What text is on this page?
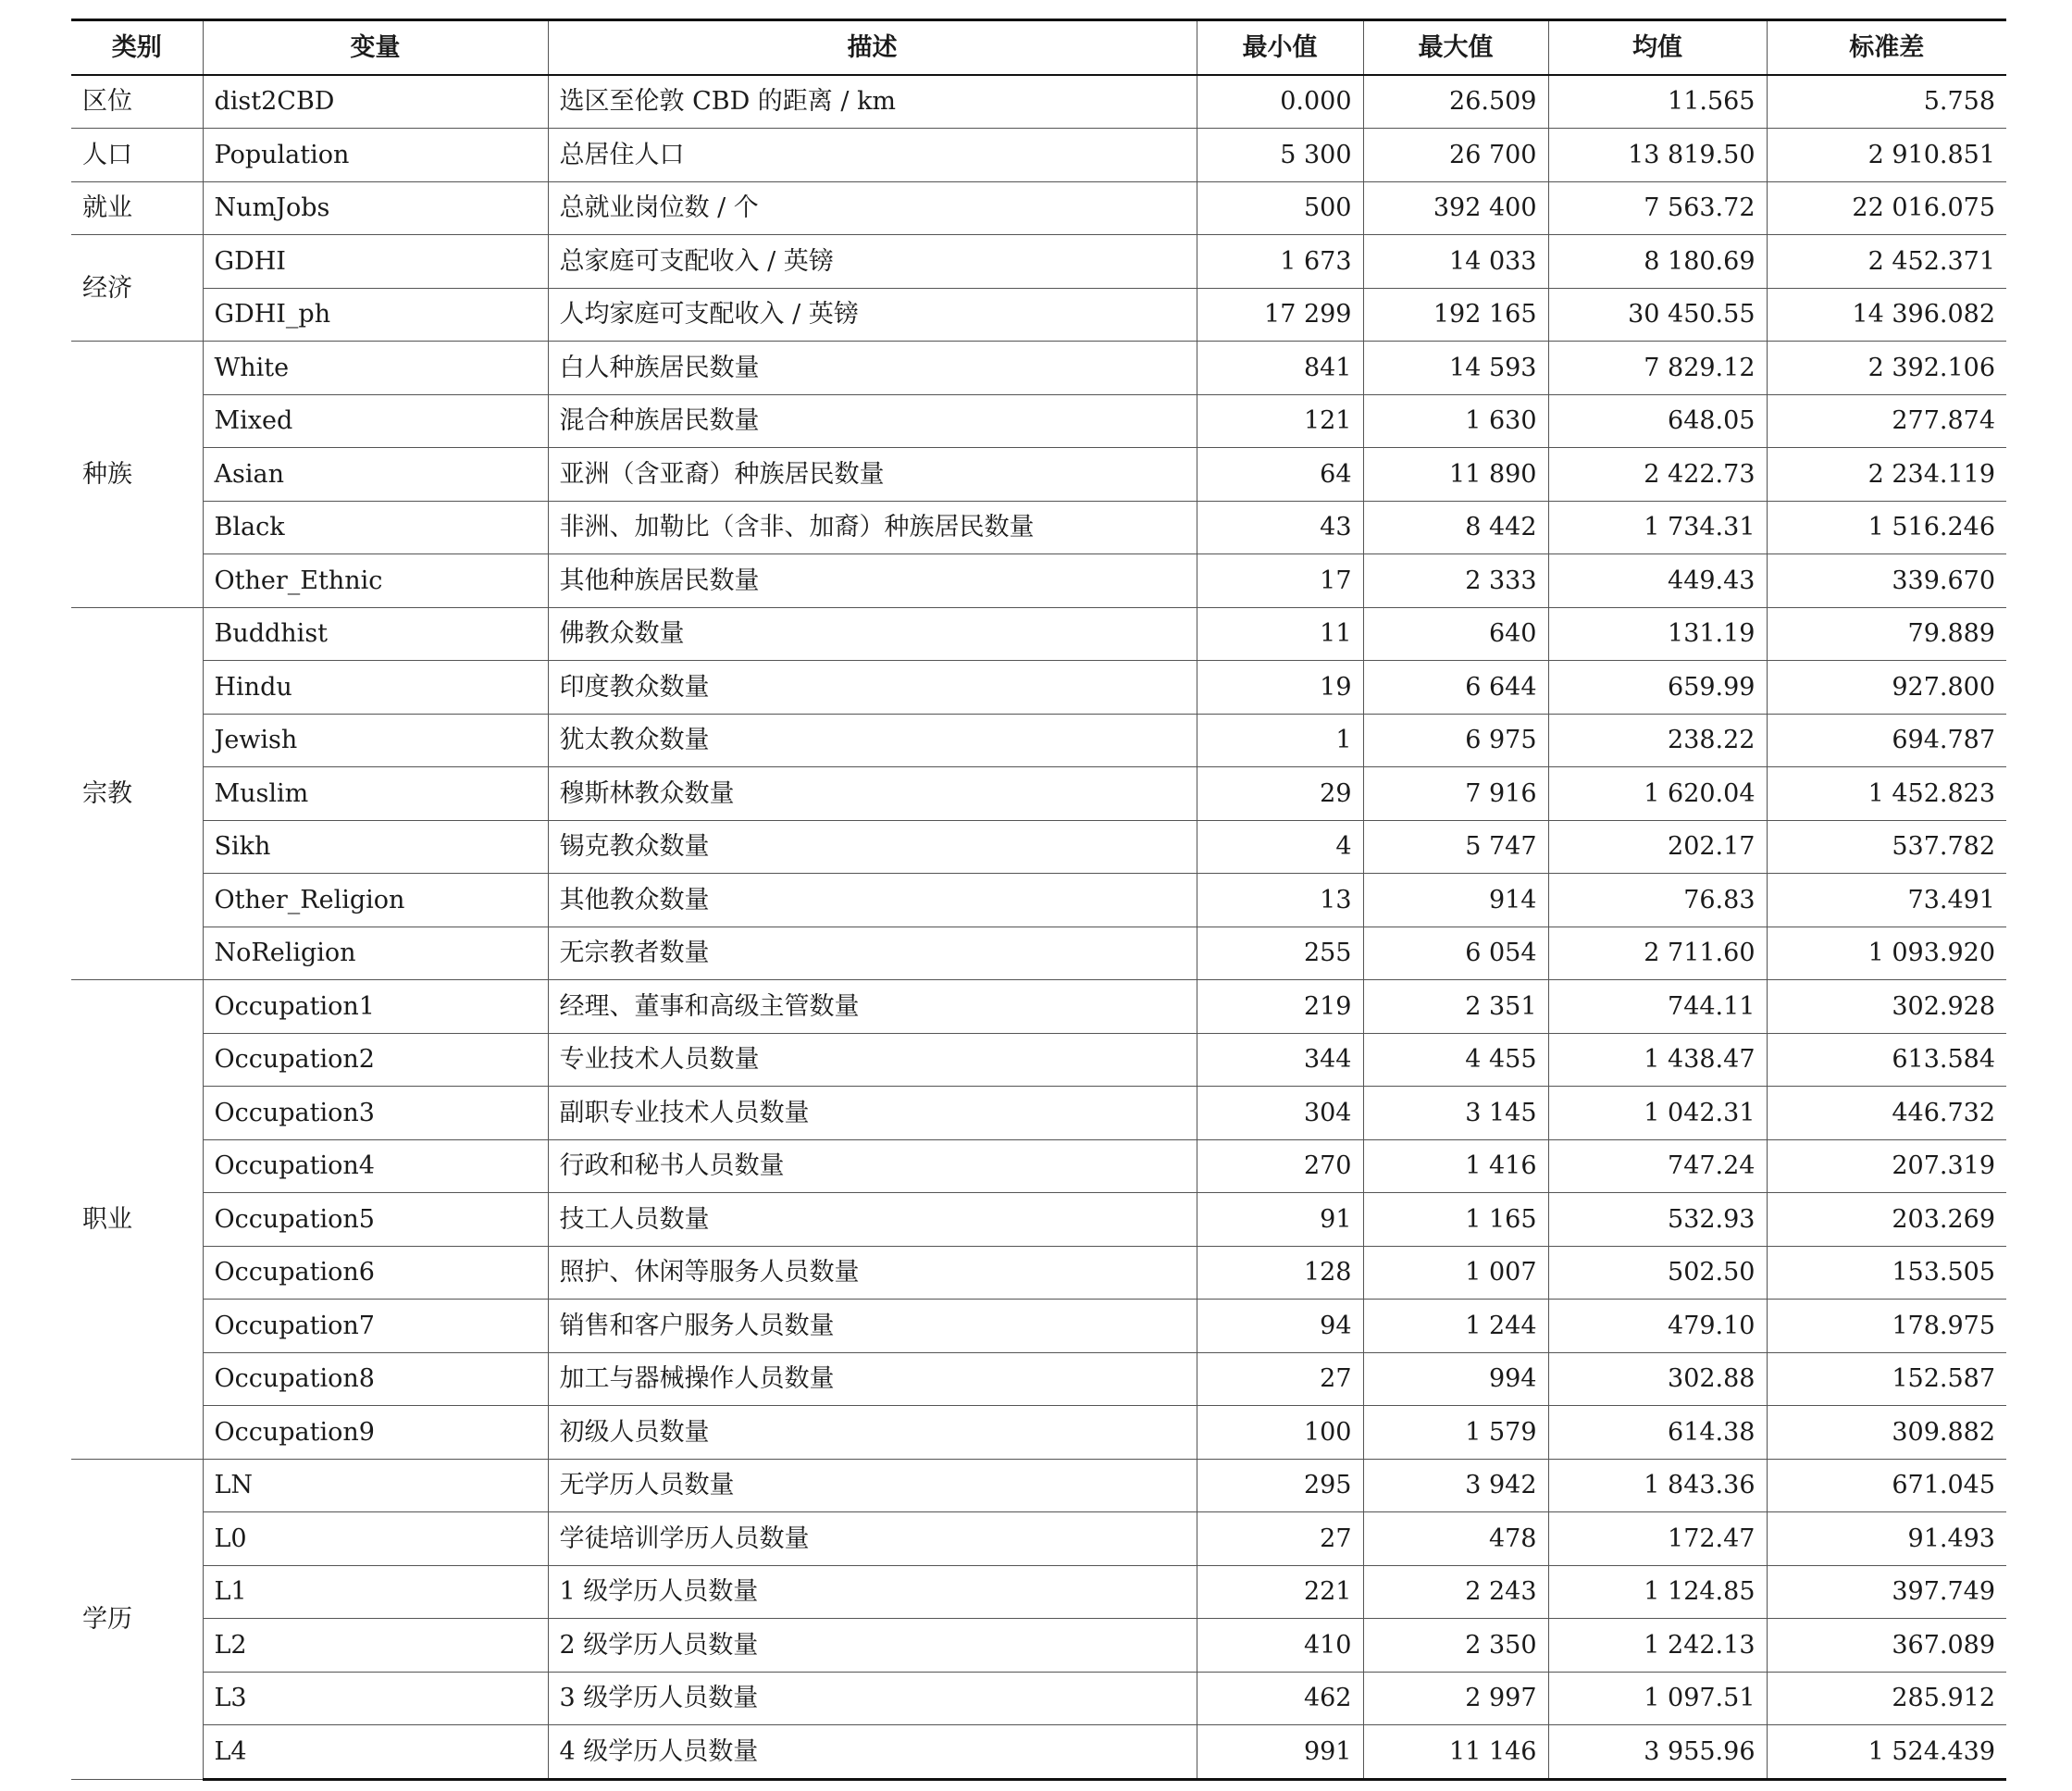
类别	变量	描述	最小值	最大值	均值	标准差
区位	dist2CBD	选区至伦敦 CBD 的距离 / km	0.000	26.509	11.565	5.758
人口	Population	总居住人口	5 300	26 700	13 819.50	2 910.851
就业	NumJobs	总就业岗位数 / 个	500	392 400	7 563.72	22 016.075
经济	GDHI	总家庭可支配收入 / 英镑	1 673	14 033	8 180.69	2 452.371
	GDHI_ph	人均家庭可支配收入 / 英镑	17 299	192 165	30 450.55	14 396.082
种族	White	白人种族居民数量	841	14 593	7 829.12	2 392.106
	Mixed	混合种族居民数量	121	1 630	648.05	277.874
	Asian	亚洲（含亚裔）种族居民数量	64	11 890	2 422.73	2 234.119
	Black	非洲、加勒比（含非、加裔）种族居民数量	43	8 442	1 734.31	1 516.246
	Other_Ethnic	其他种族居民数量	17	2 333	449.43	339.670
宗教	Buddhist	佛教众数量	11	640	131.19	79.889
	Hindu	印度教众数量	19	6 644	659.99	927.800
	Jewish	犹太教众数量	1	6 975	238.22	694.787
	Muslim	穆斯林教众数量	29	7 916	1 620.04	1 452.823
	Sikh	锡克教众数量	4	5 747	202.17	537.782
	Other_Religion	其他教众数量	13	914	76.83	73.491
	NoReligion	无宗教者数量	255	6 054	2 711.60	1 093.920
职业	Occupation1	经理、董事和高级主管数量	219	2 351	744.11	302.928
	Occupation2	专业技术人员数量	344	4 455	1 438.47	613.584
	Occupation3	副职专业技术人员数量	304	3 145	1 042.31	446.732
	Occupation4	行政和秘书人员数量	270	1 416	747.24	207.319
	Occupation5	技工人员数量	91	1 165	532.93	203.269
	Occupation6	照护、休闲等服务人员数量	128	1 007	502.50	153.505
	Occupation7	销售和客户服务人员数量	94	1 244	479.10	178.975
	Occupation8	加工与器械操作人员数量	27	994	302.88	152.587
	Occupation9	初级人员数量	100	1 579	614.38	309.882
学历	LN	无学历人员数量	295	3 942	1 843.36	671.045
	L0	学徒培训学历人员数量	27	478	172.47	91.493
	L1	1 级学历人员数量	221	2 243	1 124.85	397.749
	L2	2 级学历人员数量	410	2 350	1 242.13	367.089
	L3	3 级学历人员数量	462	2 997	1 097.51	285.912
	L4	4 级学历人员数量	991	11 146	3 955.96	1 524.439
